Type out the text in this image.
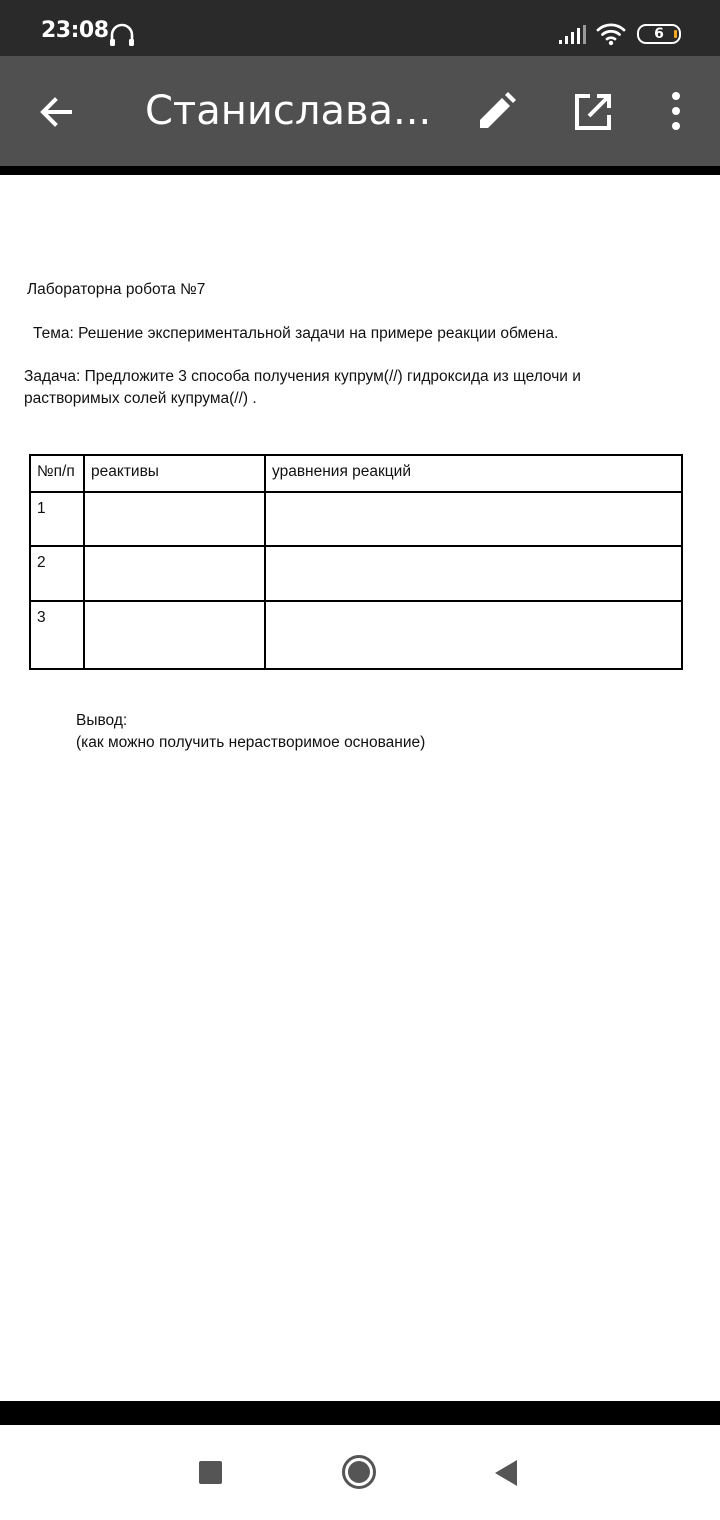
23:08	6
Станислава...

Лабораторна робота №7

Тема: Решение экспериментальной задачи на примере реакции обмена.

Задача: Предложите 3 способа получения купрум(//) гидроксида из щелочи и

растворимых солей купрума(//) .

№п/п	реактивы	уравнения реакций
1		
2		
3		

Вывод:

(как можно получить нерастворимое основание)
